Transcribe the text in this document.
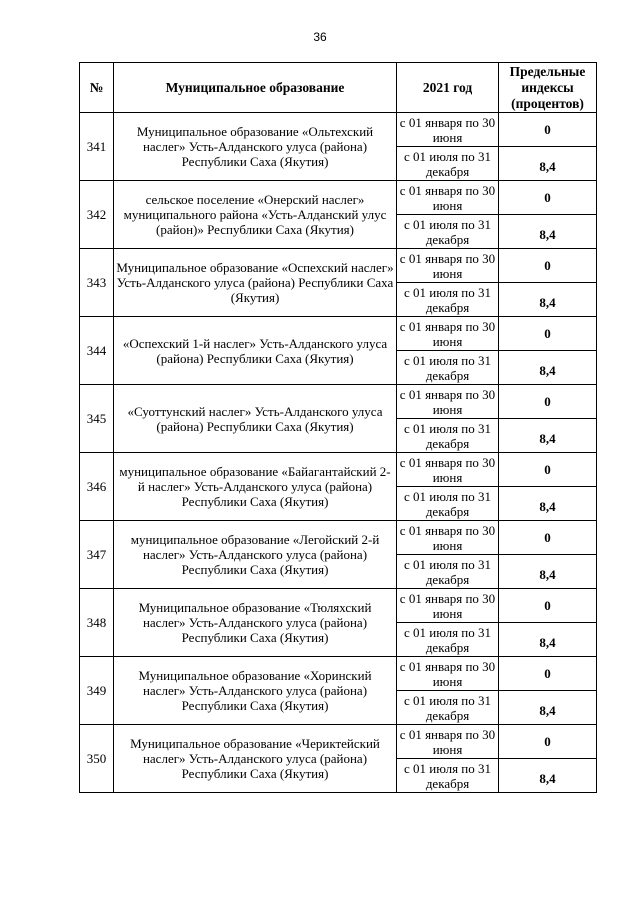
36
№	Муниципальное образование	2021 год	Предельные индексы (процентов)
341	Муниципальное образование «Ольтехский наслег» Усть-Алданского улуса (района) Республики Саха (Якутия)	с 01 января по 30 июня	0
		с 01 июля по 31 декабря	8,4
342	сельское поселение «Онерский наслег» муниципального района «Усть-Алданский улус (район)» Республики Саха (Якутия)	с 01 января по 30 июня	0
		с 01 июля по 31 декабря	8,4
343	Муниципальное образование «Оспехский наслег» Усть-Алданского улуса (района) Республики Саха (Якутия)	с 01 января по 30 июня	0
		с 01 июля по 31 декабря	8,4
344	«Оспехский 1-й наслег» Усть-Алданского улуса (района) Республики Саха (Якутия)	с 01 января по 30 июня	0
		с 01 июля по 31 декабря	8,4
345	«Суоттунский наслег» Усть-Алданского улуса (района) Республики Саха (Якутия)	с 01 января по 30 июня	0
		с 01 июля по 31 декабря	8,4
346	муниципальное образование «Байагантайский 2-й наслег» Усть-Алданского улуса (района) Республики Саха (Якутия)	с 01 января по 30 июня	0
		с 01 июля по 31 декабря	8,4
347	муниципальное образование «Легойский 2-й наслег» Усть-Алданского улуса (района) Республики Саха (Якутия)	с 01 января по 30 июня	0
		с 01 июля по 31 декабря	8,4
348	Муниципальное образование «Тюляхский наслег» Усть-Алданского улуса (района) Республики Саха (Якутия)	с 01 января по 30 июня	0
		с 01 июля по 31 декабря	8,4
349	Муниципальное образование «Хоринский наслег» Усть-Алданского улуса (района) Республики Саха (Якутия)	с 01 января по 30 июня	0
		с 01 июля по 31 декабря	8,4
350	Муниципальное образование «Чериктейский наслег» Усть-Алданского улуса (района) Республики Саха (Якутия)	с 01 января по 30 июня	0
		с 01 июля по 31 декабря	8,4
